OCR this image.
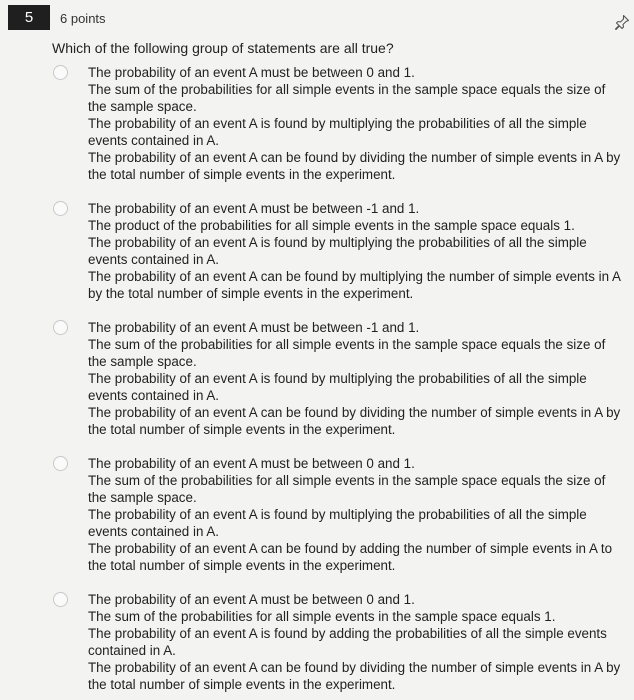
5	6 points
Which of the following group of statements are all true?
The probability of an event A must be between 0 and 1.
The sum of the probabilities for all simple events in the sample space equals the size of the sample space.
The probability of an event A is found by multiplying the probabilities of all the simple events contained in A.
The probability of an event A can be found by dividing the number of simple events in A by the total number of simple events in the experiment.
The probability of an event A must be between -1 and 1.
The product of the probabilities for all simple events in the sample space equals 1.
The probability of an event A is found by multiplying the probabilities of all the simple events contained in A.
The probability of an event A can be found by multiplying the number of simple events in A by the total number of simple events in the experiment.
The probability of an event A must be between -1 and 1.
The sum of the probabilities for all simple events in the sample space equals the size of the sample space.
The probability of an event A is found by multiplying the probabilities of all the simple events contained in A.
The probability of an event A can be found by dividing the number of simple events in A by the total number of simple events in the experiment.
The probability of an event A must be between 0 and 1.
The sum of the probabilities for all simple events in the sample space equals the size of the sample space.
The probability of an event A is found by multiplying the probabilities of all the simple events contained in A.
The probability of an event A can be found by adding the number of simple events in A to the total number of simple events in the experiment.
The probability of an event A must be between 0 and 1.
The sum of the probabilities for all simple events in the sample space equals 1.
The probability of an event A is found by adding the probabilities of all the simple events contained in A.
The probability of an event A can be found by dividing the number of simple events in A by the total number of simple events in the experiment.
